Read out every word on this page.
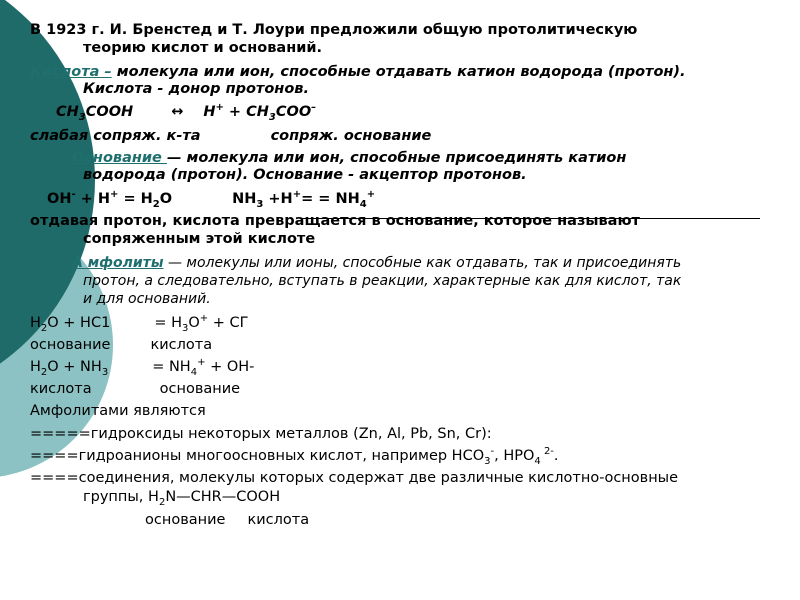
В 1923 г. И. Бренстед и Т. Лоури предложили общую протолитическую
теорию кислот и оснований.
Кислота – молекула или ион, способные отдавать катион водорода (протон).
Кислота - донор протонов.
$CH_3COOH$	↔ $H^+ + CH_3COO^-$
слабая сопряж. к-та	сопряж. основание
Основание — молекула или ион, способные присоединять катион
водорода (протон). Основание - акцептор протонов.
$OH^- + H^+ = H_2O$	$NH_3 +H^+= = NH_4^+$
отдавая протон, кислота превращается в основание, которое называют
сопряженным этой кислоте
А мфолиты — молекулы или ионы, способные как отдавать, так и присоединять
протон, а следовательно, вступать в реакции, характерные как для кислот, так
и для оснований.
$H_2O + HC1$	= $H_3O^+$ + CГ
основание	кислота
$H_2O + NH_3$	= $NH_4^+ + OH-$
кислота	основание
Амфолитами являются
=====гидроксиды некоторых металлов (Zn, Al, Pb, Sn, Cr):
====гидроанионы многоосновных кислот, например $НСО_3^-$, $НРО_4$ $^{2-}$.
====соединения, молекулы которых содержат две различные кислотно-основные
группы, $H_2N—CHR—COOH$
основание кислота
